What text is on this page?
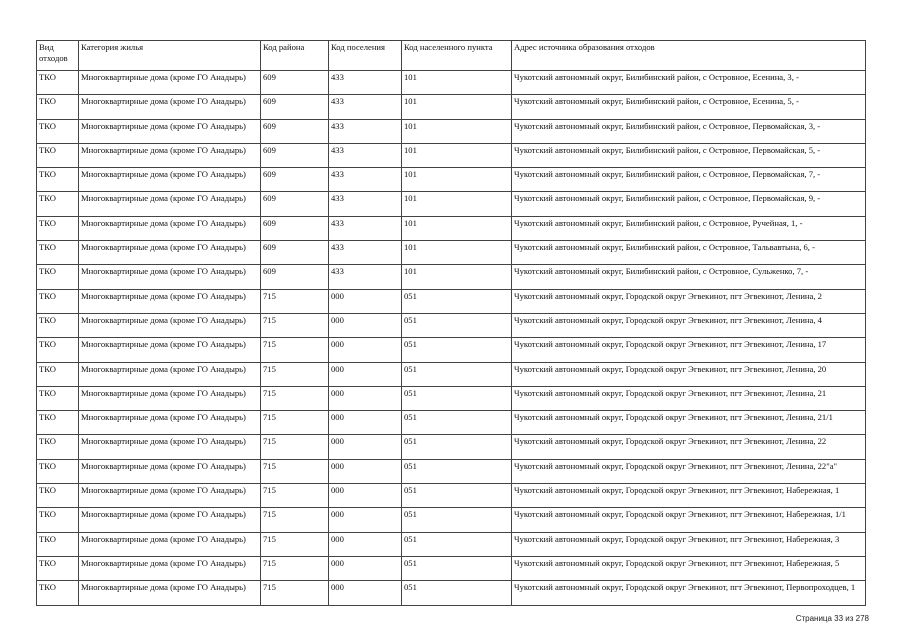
Вид отходов	Категория жилья	Код района	Код поселения	Код населенного пункта	Адрес источника образования отходов
ТКО	Многоквартирные дома (кроме ГО Анадырь)	609	433	101	Чукотский автономный округ, Билибинский район, с Островное, Есенина, 3, -
ТКО	Многоквартирные дома (кроме ГО Анадырь)	609	433	101	Чукотский автономный округ, Билибинский район, с Островное, Есенина, 5, -
ТКО	Многоквартирные дома (кроме ГО Анадырь)	609	433	101	Чукотский автономный округ, Билибинский район, с Островное, Первомайская, 3, -
ТКО	Многоквартирные дома (кроме ГО Анадырь)	609	433	101	Чукотский автономный округ, Билибинский район, с Островное, Первомайская, 5, -
ТКО	Многоквартирные дома (кроме ГО Анадырь)	609	433	101	Чукотский автономный округ, Билибинский район, с Островное, Первомайская, 7, -
ТКО	Многоквартирные дома (кроме ГО Анадырь)	609	433	101	Чукотский автономный округ, Билибинский район, с Островное, Первомайская, 9, -
ТКО	Многоквартирные дома (кроме ГО Анадырь)	609	433	101	Чукотский автономный округ, Билибинский район, с Островное, Ручейная, 1, -
ТКО	Многоквартирные дома (кроме ГО Анадырь)	609	433	101	Чукотский автономный округ, Билибинский район, с Островное, Тальвавтына, 6, -
ТКО	Многоквартирные дома (кроме ГО Анадырь)	609	433	101	Чукотский автономный округ, Билибинский район, с Островное, Сульженко, 7, -
ТКО	Многоквартирные дома (кроме ГО Анадырь)	715	000	051	Чукотский автономный округ, Городской округ Эгвекинот, пгт Эгвекинот, Ленина, 2
ТКО	Многоквартирные дома (кроме ГО Анадырь)	715	000	051	Чукотский автономный округ, Городской округ Эгвекинот, пгт Эгвекинот, Ленина, 4
ТКО	Многоквартирные дома (кроме ГО Анадырь)	715	000	051	Чукотский автономный округ, Городской округ Эгвекинот, пгт Эгвекинот, Ленина, 17
ТКО	Многоквартирные дома (кроме ГО Анадырь)	715	000	051	Чукотский автономный округ, Городской округ Эгвекинот, пгт Эгвекинот, Ленина, 20
ТКО	Многоквартирные дома (кроме ГО Анадырь)	715	000	051	Чукотский автономный округ, Городской округ Эгвекинот, пгт Эгвекинот, Ленина, 21
ТКО	Многоквартирные дома (кроме ГО Анадырь)	715	000	051	Чукотский автономный округ, Городской округ Эгвекинот, пгт Эгвекинот, Ленина, 21/1
ТКО	Многоквартирные дома (кроме ГО Анадырь)	715	000	051	Чукотский автономный округ, Городской округ Эгвекинот, пгт Эгвекинот, Ленина, 22
ТКО	Многоквартирные дома (кроме ГО Анадырь)	715	000	051	Чукотский автономный округ, Городской округ Эгвекинот, пгт Эгвекинот, Ленина, 22"а"
ТКО	Многоквартирные дома (кроме ГО Анадырь)	715	000	051	Чукотский автономный округ, Городской округ Эгвекинот, пгт Эгвекинот, Набережная, 1
ТКО	Многоквартирные дома (кроме ГО Анадырь)	715	000	051	Чукотский автономный округ, Городской округ Эгвекинот, пгт Эгвекинот, Набережная, 1/1
ТКО	Многоквартирные дома (кроме ГО Анадырь)	715	000	051	Чукотский автономный округ, Городской округ Эгвекинот, пгт Эгвекинот, Набережная, 3
ТКО	Многоквартирные дома (кроме ГО Анадырь)	715	000	051	Чукотский автономный округ, Городской округ Эгвекинот, пгт Эгвекинот, Набережная, 5
ТКО	Многоквартирные дома (кроме ГО Анадырь)	715	000	051	Чукотский автономный округ, Городской округ Эгвекинот, пгт Эгвекинот, Первопроходцев, 1
Страница 33 из 278
